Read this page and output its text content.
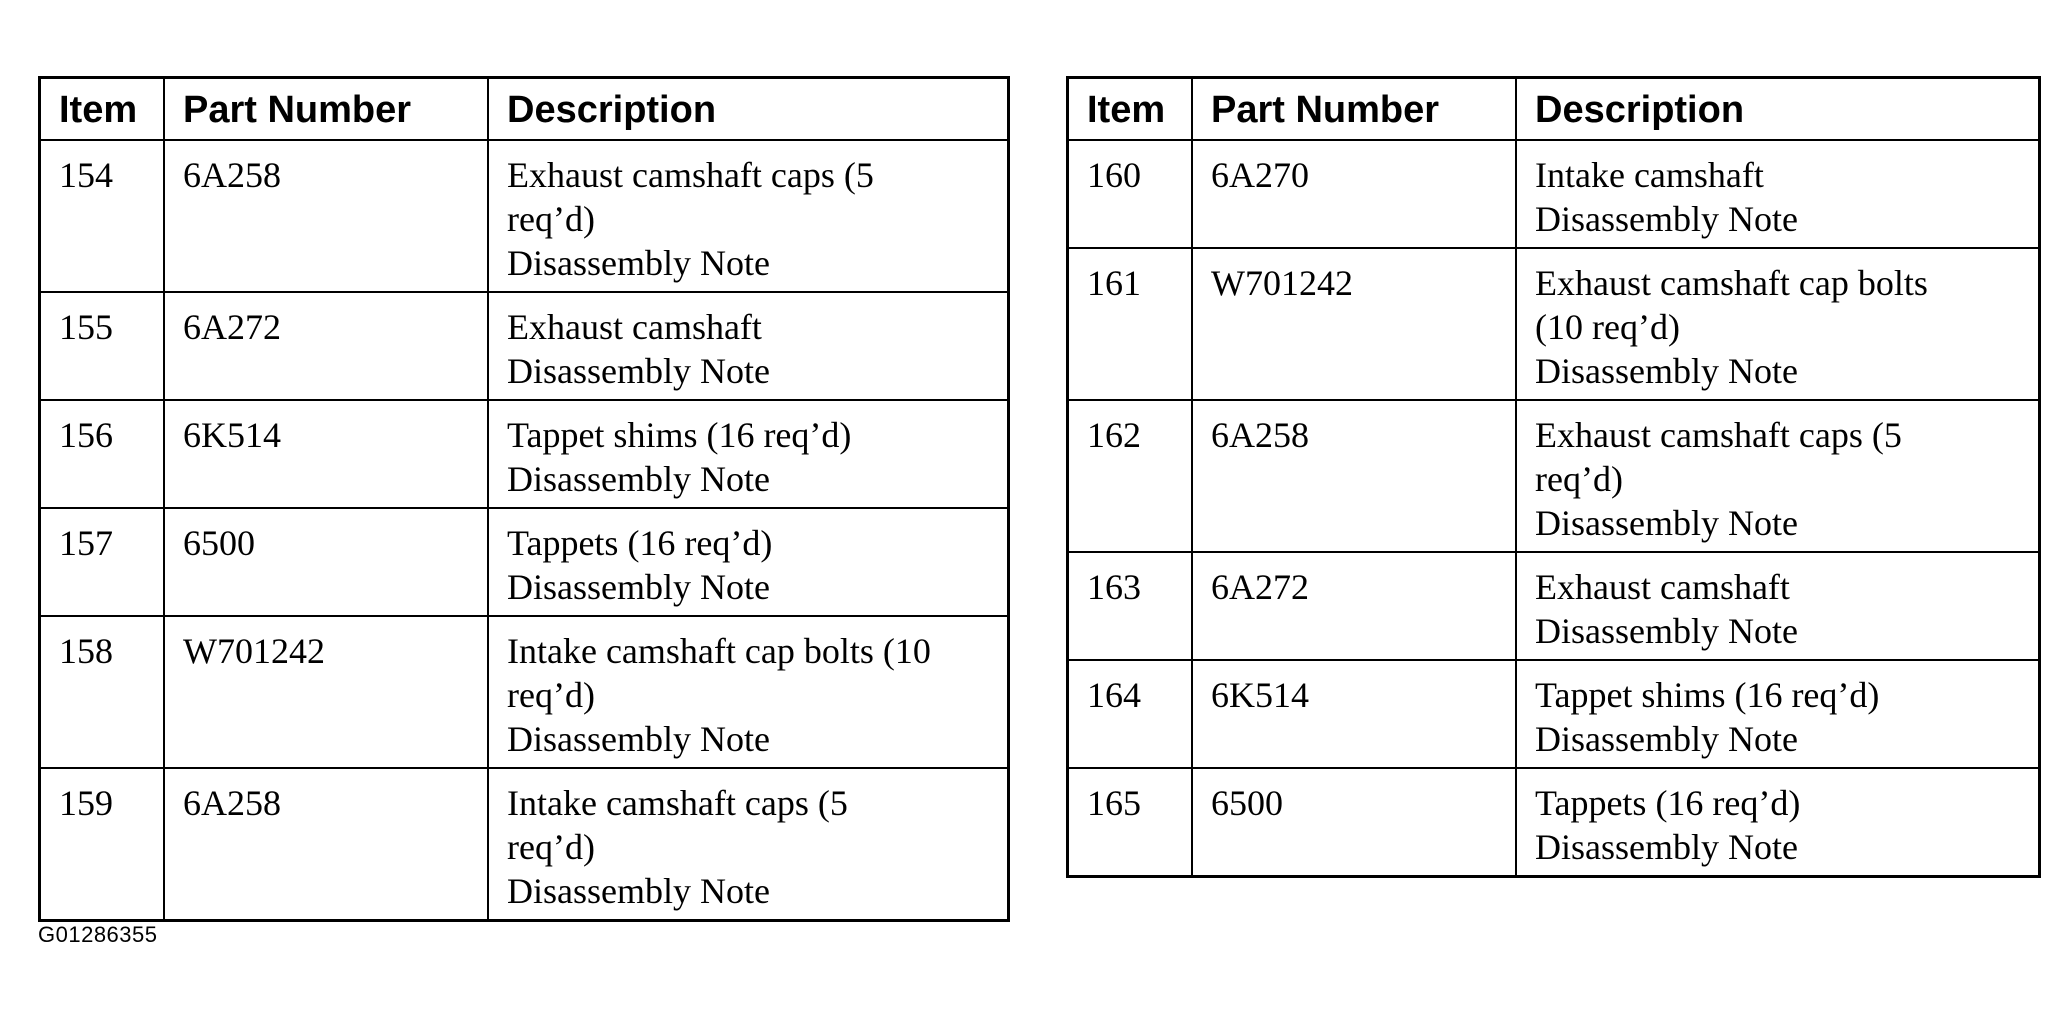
Item	Part Number	Description
154	6A258	Exhaust camshaft caps (5
req’d)
Disassembly Note

155	6A272	Exhaust camshaft
Disassembly Note

156	6K514	Tappet shims (16 req’d)
Disassembly Note

157	6500	Tappets (16 req’d)
Disassembly Note

158	W701242	Intake camshaft cap bolts (10
req’d)
Disassembly Note

159	6A258	Intake camshaft caps (5
req’d)
Disassembly Note
Item	Part Number	Description
160	6A270	Intake camshaft
Disassembly Note

161	W701242	Exhaust camshaft cap bolts
(10 req’d)
Disassembly Note

162	6A258	Exhaust camshaft caps (5
req’d)
Disassembly Note

163	6A272	Exhaust camshaft
Disassembly Note

164	6K514	Tappet shims (16 req’d)
Disassembly Note

165	6500	Tappets (16 req’d)
Disassembly Note
G01286355
